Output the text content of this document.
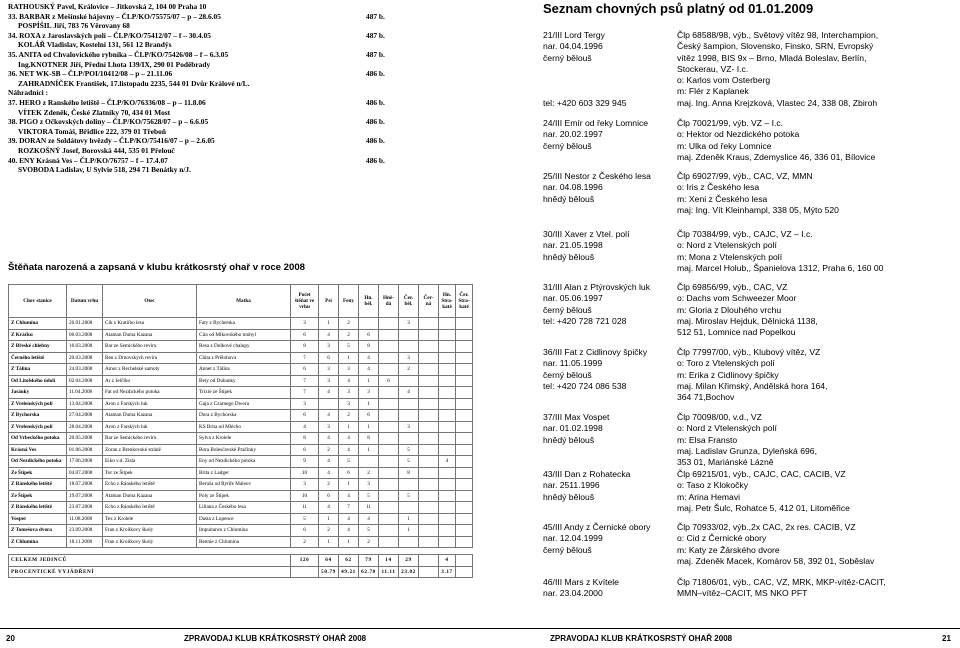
RATHOUSKÝ Pavel, Královice – Jitkovská 2, 104 00 Praha 10
33. BARBAR z Mešínské hájovny – ČLP/KO/75575/07 – p – 28.6.05	487 b.
POSPÍŠIL Jiří, 783 76 Věrovany 68
34. ROXA z Jaroslavských polí – ČLP/KO/75412/07 – f – 30.4.05	487 b.
KOLÁŘ Vladislav, Kostelní 131, 561 12 Brandýs
35. ANITA od Chvalovického rybníka – ČLP/KO/75426/08 – f – 6.3.05	487 b.
Ing.KNOTNER Jiří, Přední Lhota 139/IX, 290 01 Poděbrady
36. NET WK-SB – ČLP/POI/10412/08 – p – 21.11.06	486 b.
ZAHRADNÍČEK František, 17.listopadu 2235, 544 01 Dvůr Králové n/L.
Náhradníci :
37. HERO z Ranského letiště – ČLP/KO/76336/08 – p – 11.8.06	486 b.
VÍTEK Zdeněk, České Zlatníky 70, 434 01 Most
38. PIGO z Očkovských doliny – ČLP/KO/75628/07 – p – 6.6.05	486 b.
VIKTORA Tomáš, Břidlice 222, 379 01 Třeboň
39. DORAN ze Soldátovy hvězdy – ČLP/KO/75416/07 – p – 2.6.05	486 b.
ROZKOŠNÝ Josef, Borovská 444, 535 01 Přelouč
40. ENY Krásná Ves – ČLP/KO/76757 – f – 17.4.07	486 b.
SVOBODA Ladislav, U Sylvie 518, 294 71 Benátky n/J.
Štěňata narozená a zapsaná v klubu krátkosrstý ohař v roce 2008
Chov stanice	Datum vrhu	Otec	Matka	Počet štěňat ve vrhu	Psi	Feny	Hn. běl.	Hně-dá	Čer. běl.	Čer-ná	Hn. Stra-katé	Čer. Stra-katé
Z Chlumína	26.01.2008	Cik z Kratiího lesa	Faty z Bycherska	3	1	2			3			
Z Kráčku	06.03.2008	Ataman Duma Kazana	Cita od Mikovského mohyl	6	4	2	6					
Z Břeské chlebny	16.03.2008	Bar ze Semického revíru	Resa z Dolkové chalupy	8	3	5	8					
Černého letiště	20.03.2008	Ben z Drnovských revíru	Chita z Prělohova	7	6	1	4		3			
Z Tálína	24.03.2008	Amor z Rechelské samoty	Annet z Tálína	6	3	3	4		2			
Od Litolského údolí	02.04.2008	Ar z Jelčího	Bety od Dubanky	7	3	4	1	6				
Jasánky	11.04.2008	Fat od Nezdického potoka	Trixie ze Štípek	7	4	3	3		4			
Z Vrelenských polí	13.04.2008	Aron z Farských luk	Gaja z Czarnego Dworu	3		3	1					
Z Bychorska	27.04.2008	Ataman Duma Kazana	Dora z Bychorska	6	4	2	6					
Z Vrelenských polí	28.04.2008	Aron z Farských luk	KS Brita od Mlécho	4	3	1	1		3			
Od Vrbeckého potoka	20.05.2008	Bar ze Semického revíru	Sylva z Krolele	8	4	4	8					
Krásná Ves	01.06.2008	Zoran z Brenkovské stráně	Bora Bolesčavské Pračinky	6	2	4	1		5			
Od Nezdického potoka	17.06.2008	Eiko v.d. Zista	Eny od Nezdického potoka	9	4	5			5		4	
Ze Štípek	04.07.2008	Tor ze Štípek	Brita z Ladger	10	4	6	2		8			
Z Ránského letiště	18.07.2008	Echo z Ránského letiště	Beruša od Rytíře Maleov	3	2	1	3					
Ze Štípek	19.07.2008	Ataman Duma Kazana	Poly ze Štípek	10	6	4	5		5			
Z Ránského letiště	23.07.2008	Echo z Ránského letiště	Liliana z Českého lesa	11	4	7	11					
Vospet	11.08.2008	Tex z Krolele	Dasta z Lupence	5	1	4	4		1			
Z Tomešova dvora	23.09.2008	Fran z Kroilkovy školy	Impuitance z Chlumína	6	2	4	5		1			
Z Chlumína	18.11.2008	Fran z Kroilkovy školy	Rennie z Chlumína	2	1	1	2					

CELKEM JEDINCŮ				126	64	62	79	14	29		4	
PROCENTICKÉ VYJÁDŘENÍ					50.79	49.21	62.70	11.11	23.02		3.17	
Seznam chovných psů platný od 01.01.2009
21/III Lord Tergy	Člp 68588/98, výb., Světový vítěz 98, Interchampion,
nar. 04.04.1996	Český šampion, Slovensko, Finsko, SRN, Evropský
černý bělouš	vítěz 1998, BIS 9x – Brno, Mladá Boleslav, Berlín,
Stockerau, VZ- I.c.
o: Karlos vom Osterberg
m: Flér z Kaplanek
tel: +420 603 329 945	maj. Ing. Anna Krejzková, Vlastec 24, 338 08, Zbiroh
24/III Emír od řeky Lomnice	Člp 70021/99, výb. VZ – I.c.
nar. 20.02.1997	o: Hektor od Nezdického potoka
černý bělouš	m: Ulka od řeky Lomnice
maj. Zdeněk Kraus, Zdemyslice 46, 336 01, Bílovice
25/III Nestor z Českého lesa	Člp 69027/99, výb., CAC, VZ, MMN
nar. 04.08.1996	o: Iris z Českého lesa
hnědý bělouš	m: Xeni z Českého lesa
maj: Ing. Vít Kleinhampl, 338 05, Mýto 520
30/III Xaver z Vtel. polí	Člp 70384/99, výb., CAJC, VZ – I.c.
nar. 21.05.1998	o: Nord z Vtelenských polí
hnědý bělouš	m: Mona z Vtelenských polí
maj. Marcel Holub,, Španielova 1312, Praha 6, 160 00
31/III Alan z Ptýrovských luk	Člp 69856/99, výb., CAC, VZ
nar. 05.06.1997	o: Dachs vom Schweezer Moor
černý bělouš	m: Gloria z Dlouhého vrchu
tel: +420 728 721 028	maj. Miroslav Hejduk, Dělnická 1138,
512 51, Lomnice nad Popelkou
36/III Fat z Cidlinovy špičky	Člp 77997/00, výb., Klubový vítěz, VZ
nar. 11.05.1999	o: Toro z Vtelenských polí
černý bělouš	m: Erika z Cidlinovy špičky
tel: +420 724 086 538	maj. Milan Křimský, Andělská hora 164,
364 71,Bochov
37/III Max Vospet	Člp 70098/00, v.d., VZ
nar. 01.02.1998	o: Nord z Vtelenských polí
hnědý bělouš	m: Elsa Fransto
maj. Ladislav Grunza, Dyleňská 696,
353 01, Mariánské Lázně
43/III Dan z Rohatecka	Člp 69215/01, výb., CAJC, CAC, CACIB, VZ
nar. 2511.1996	o: Taso z Klokočky
hnědý bělouš	m: Arina Hemavi
maj. Petr Šulc, Rohatce 5, 412 01, Litoměřice
45/III Andy z Černické obory	Člp 70933/02, výb.,2x CAC, 2x res. CACIB, VZ
nar. 12.04.1999	o: Cid z Černické obory
černý bělouš	m: Katy ze Žárského dvore
maj. Zdeněk Macek, Komárov 58, 392 01, Soběslav
46/III Mars z Kvítele	Člp 71806/01, výb., CAC, VZ, MRK, MKP-vítěz-CACIT,
nar. 23.04.2000	MMN–vítěz–CACIT, MS NKO PFT
20	ZPRAVODAJ KLUB KRÁTKOSRSTÝ OHAŘ 2008	ZPRAVODAJ KLUB KRÁTKOSRSTÝ OHAŘ 2008	21
